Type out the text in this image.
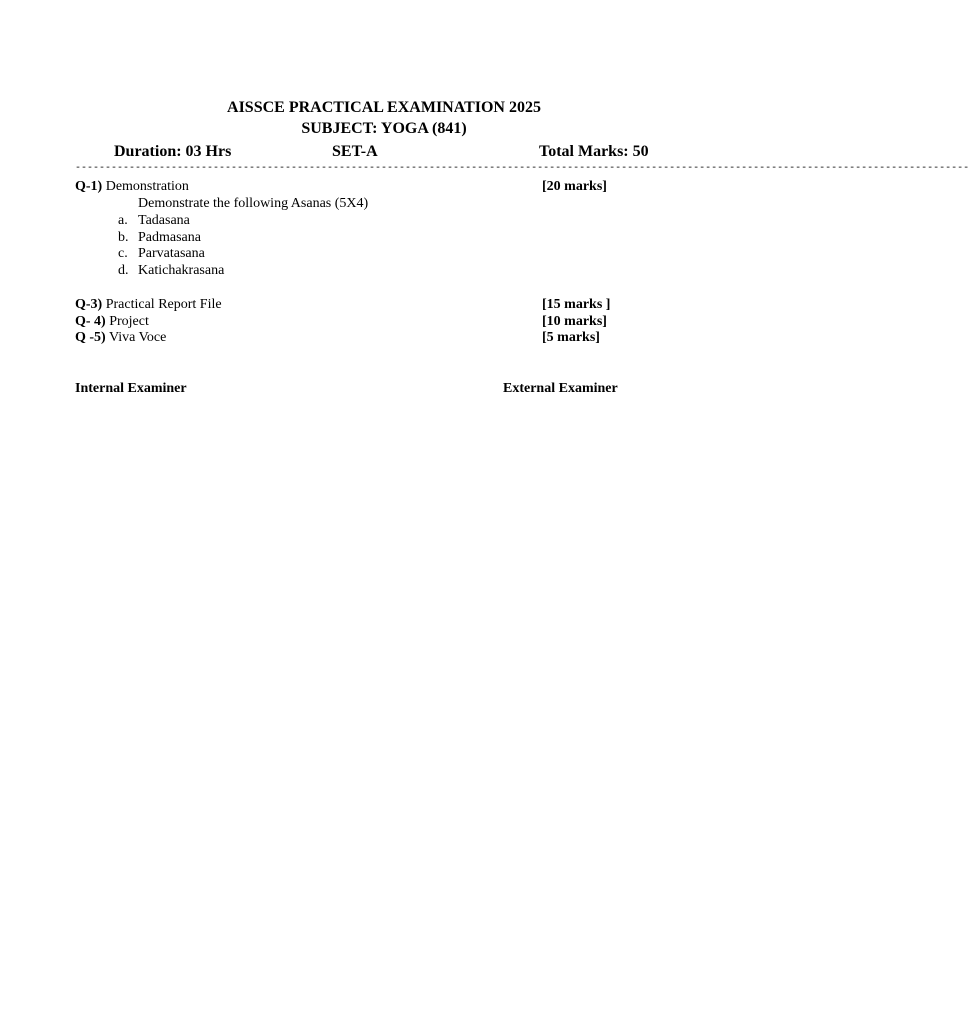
AISSCE PRACTICAL EXAMINATION 2025
SUBJECT: YOGA (841)
Duration: 03 Hrs	SET-A	Total Marks: 50
-----------------------------------------------------------------------------------------------------------------------------------------------------
Q-1) Demonstration	[20 marks]
Demonstrate the following Asanas (5X4)
a. Tadasana
b. Padmasana
c. Parvatasana
d. Katichakrasana
Q-3) Practical Report File	[15 marks ]
Q- 4) Project	[10 marks]
Q -5) Viva Voce	[5 marks]
Internal Examiner	External Examiner
